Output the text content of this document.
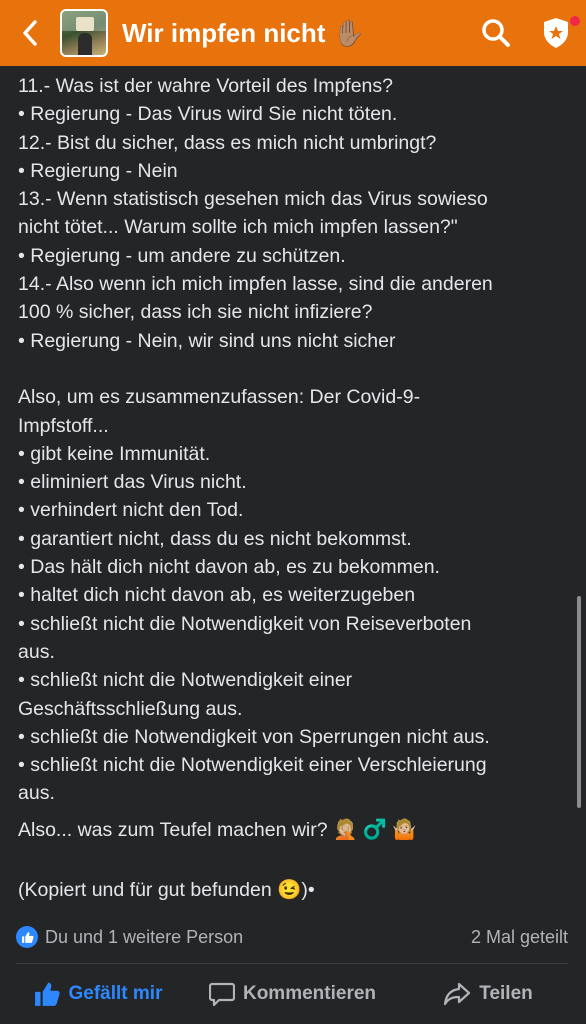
Wir impfen nicht ✋🏽
11.- Was ist der wahre Vorteil des Impfens?
• Regierung - Das Virus wird Sie nicht töten.
12.- Bist du sicher, dass es mich nicht umbringt?
• Regierung - Nein
13.- Wenn statistisch gesehen mich das Virus sowieso
nicht tötet... Warum sollte ich mich impfen lassen?"
• Regierung - um andere zu schützen.
14.- Also wenn ich mich impfen lasse, sind die anderen
100 % sicher, dass ich sie nicht infiziere?
• Regierung - Nein, wir sind uns nicht sicher
Also, um es zusammenzufassen: Der Covid-9-
Impfstoff...
• gibt keine Immunität.
• eliminiert das Virus nicht.
• verhindert nicht den Tod.
• garantiert nicht, dass du es nicht bekommst.
• Das hält dich nicht davon ab, es zu bekommen.
• haltet dich nicht davon ab, es weiterzugeben
• schließt nicht die Notwendigkeit von Reiseverboten
aus.
• schließt nicht die Notwendigkeit einer
Geschäftsschließung aus.
• schließt die Notwendigkeit von Sperrungen nicht aus.
• schließt nicht die Notwendigkeit einer Verschleierung
aus.
Also... was zum Teufel machen wir? 🤦🏼 ♂️ 🤷🏼
(Kopiert und für gut befunden 😉)•
Du und 1 weitere Person	2 Mal geteilt
Gefällt mir	Kommentieren	Teilen
